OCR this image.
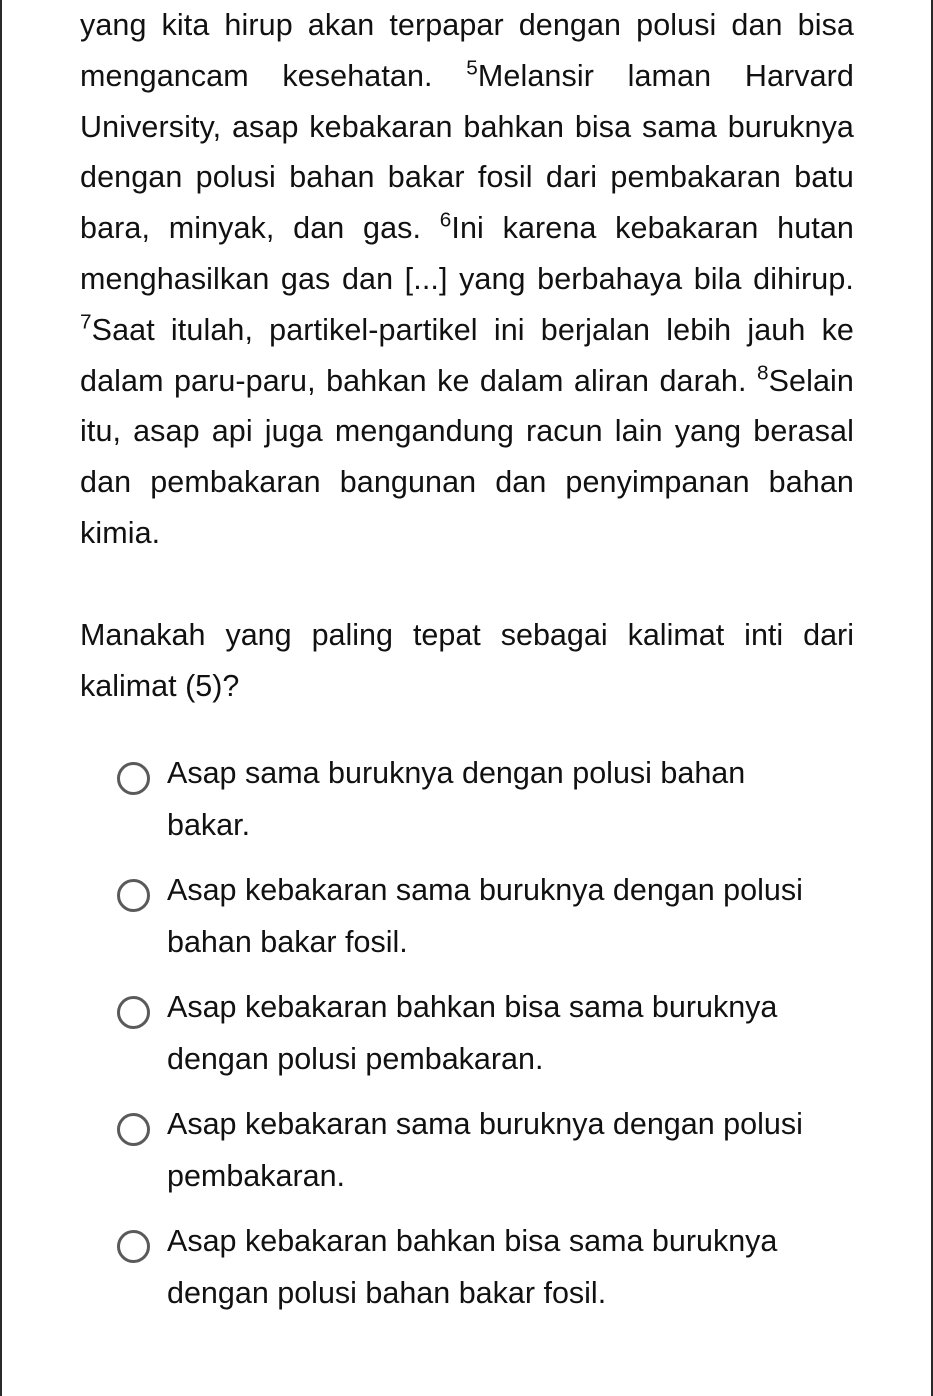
yang kita hirup akan terpapar dengan polusi dan bisa mengancam kesehatan. $^5$Melansir laman Harvard University, asap kebakaran bahkan bisa sama buruknya dengan polusi bahan bakar fosil dari pembakaran batu bara, minyak, dan gas. $^6$Ini karena kebakaran hutan menghasilkan gas dan [...] yang berbahaya bila dihirup. $^7$Saat itulah, partikel-partikel ini berjalan lebih jauh ke dalam paru-paru, bahkan ke dalam aliran darah. $^8$Selain itu, asap api juga mengandung racun lain yang berasal dan pembakaran bangunan dan penyimpanan bahan kimia.

Manakah yang paling tepat sebagai kalimat inti dari kalimat (5)?

Asap sama buruknya dengan polusi bahan bakar.
Asap kebakaran sama buruknya dengan polusi bahan bakar fosil.
Asap kebakaran bahkan bisa sama buruknya dengan polusi pembakaran.
Asap kebakaran sama buruknya dengan polusi pembakaran.
Asap kebakaran bahkan bisa sama buruknya dengan polusi bahan bakar fosil.
